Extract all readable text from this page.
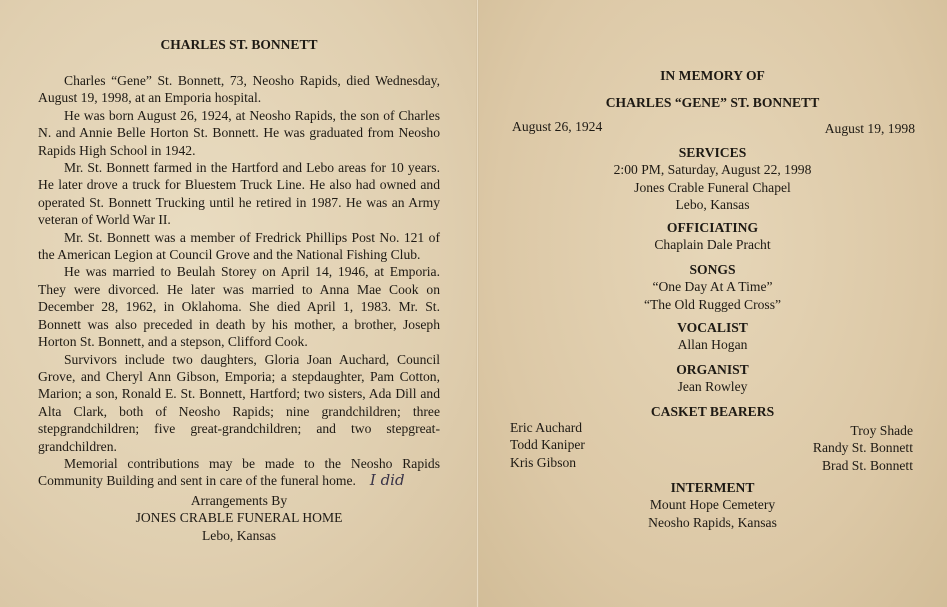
CHARLES ST. BONNETT

Charles “Gene” St. Bonnett, 73, Neosho Rapids, died Wednesday, August 19, 1998, at an Emporia hospital.

He was born August 26, 1924, at Neosho Rapids, the son of Charles N. and Annie Belle Horton St. Bonnett. He was graduated from Neosho Rapids High School in 1942.

Mr. St. Bonnett farmed in the Hartford and Lebo areas for 10 years. He later drove a truck for Bluestem Truck Line. He also had owned and operated St. Bonnett Trucking until he retired in 1987. He was an Army veteran of World War II.

Mr. St. Bonnett was a member of Fredrick Phillips Post No. 121 of the American Legion at Council Grove and the National Fishing Club.

He was married to Beulah Storey on April 14, 1946, at Emporia. They were divorced. He later was married to Anna Mae Cook on December 28, 1962, in Oklahoma. She died April 1, 1983. Mr. St. Bonnett was also preceded in death by his mother, a brother, Joseph Horton St. Bonnett, and a stepson, Clifford Cook.

Survivors include two daughters, Gloria Joan Auchard, Council Grove, and Cheryl Ann Gibson, Emporia; a stepdaughter, Pam Cotton, Marion; a son, Ronald E. St. Bonnett, Hartford; two sisters, Ada Dill and Alta Clark, both of Neosho Rapids; nine grandchildren; three stepgrandchildren; five great-grandchildren; and two stepgreat-grandchildren.

Memorial contributions may be made to the Neosho Rapids Community Building and sent in care of the funeral home. I did

Arrangements By
JONES CRABLE FUNERAL HOME
Lebo, Kansas
IN MEMORY OF
CHARLES “GENE” ST. BONNETT
August 26, 1924	August 19, 1998
SERVICES
2:00 PM, Saturday, August 22, 1998
Jones Crable Funeral Chapel
Lebo, Kansas
OFFICIATING
Chaplain Dale Pracht
SONGS
“One Day At A Time”
“The Old Rugged Cross”
VOCALIST
Allan Hogan
ORGANIST
Jean Rowley
CASKET BEARERS
Eric Auchard
Todd Kaniper
Kris Gibson
Troy Shade
Randy St. Bonnett
Brad St. Bonnett
INTERMENT
Mount Hope Cemetery
Neosho Rapids, Kansas
